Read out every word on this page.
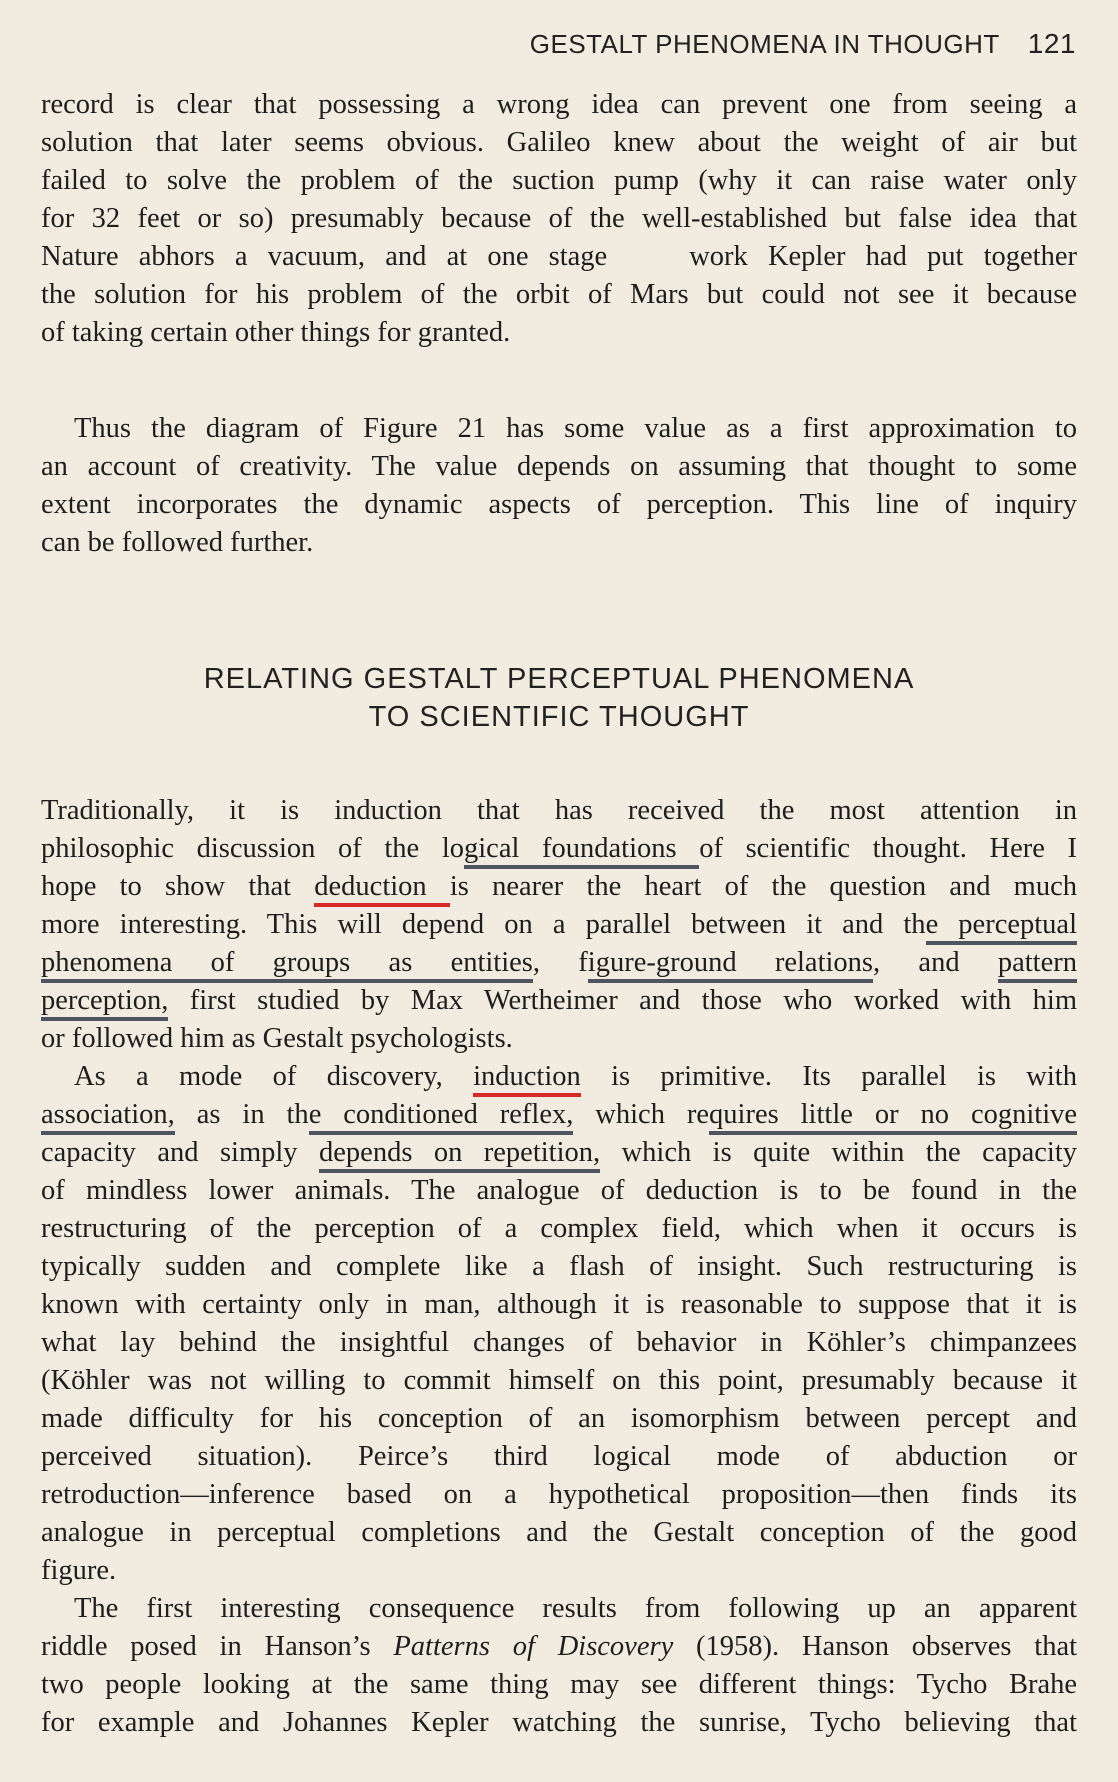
GESTALT PHENOMENA IN THOUGHT 121
record is clear that possessing a wrong idea can prevent one from seeing a
solution that later seems obvious. Galileo knew about the weight of air but
failed to solve the problem of the suction pump (why it can raise water only
for 32 feet or so) presumably because of the well-established but false idea that
Nature abhors a vacuum, and at one stage	work Kepler had put together
the solution for his problem of the orbit of Mars but could not see it because
of taking certain other things for granted.
Thus the diagram of Figure 21 has some value as a first approximation to
an account of creativity. The value depends on assuming that thought to some
extent incorporates the dynamic aspects of perception. This line of inquiry
can be followed further.
RELATING GESTALT PERCEPTUAL PHENOMENA
TO SCIENTIFIC THOUGHT
Traditionally, it is induction that has received the most attention in
philosophic discussion of the logical foundations of scientific thought. Here I
hope to show that deduction is nearer the heart of the question and much
more interesting. This will depend on a parallel between it and the perceptual
phenomena of groups as entities, figure-ground relations, and pattern
perception, first studied by Max Wertheimer and those who worked with him
or followed him as Gestalt psychologists.
As a mode of discovery, induction is primitive. Its parallel is with
association, as in the conditioned reflex, which requires little or no cognitive
capacity and simply depends on repetition, which is quite within the capacity
of mindless lower animals. The analogue of deduction is to be found in the
restructuring of the perception of a complex field, which when it occurs is
typically sudden and complete like a flash of insight. Such restructuring is
known with certainty only in man, although it is reasonable to suppose that it is
what lay behind the insightful changes of behavior in Köhler’s chimpanzees
(Köhler was not willing to commit himself on this point, presumably because it
made difficulty for his conception of an isomorphism between percept and
perceived situation). Peirce’s third logical mode of abduction or
retroduction—inference based on a hypothetical proposition—then finds its
analogue in perceptual completions and the Gestalt conception of the good
figure.
The first interesting consequence results from following up an apparent
riddle posed in Hanson’s Patterns of Discovery (1958). Hanson observes that
two people looking at the same thing may see different things: Tycho Brahe
for example and Johannes Kepler watching the sunrise, Tycho believing that
